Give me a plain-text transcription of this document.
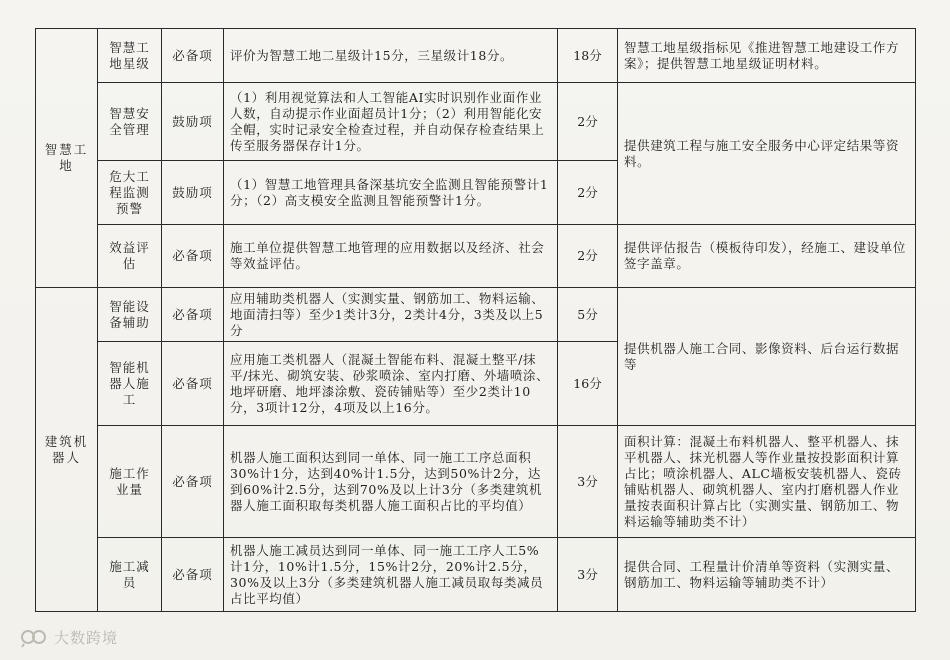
智慧工地	智慧工地星级	必备项	评价为智慧工地二星级计15分，三星级计18分。	18分	智慧工地星级指标见《推进智慧工地建设工作方案》；提供智慧工地星级证明材料。
	智慧安全管理	鼓励项	（1）利用视觉算法和人工智能AI实时识别作业面作业人数，自动提示作业面超员计1分；（2）利用智能化安全帽，实时记录安全检查过程，并自动保存检查结果上传至服务器保存计1分。	2分	提供建筑工程与施工安全服务中心评定结果等资料。
	危大工程监测预警	鼓励项	（1）智慧工地管理具备深基坑安全监测且智能预警计1分；（2）高支模安全监测且智能预警计1分。	2分	
	效益评估	必备项	施工单位提供智慧工地管理的应用数据以及经济、社会等效益评估。	2分	提供评估报告（模板待印发），经施工、建设单位签字盖章。
建筑机器人	智能设备辅助	必备项	应用辅助类机器人（实测实量、钢筋加工、物料运输、地面清扫等）至少1类计3分，2类计4分，3类及以上5分	5分	提供机器人施工合同、影像资料、后台运行数据等
	智能机器人施工	必备项	应用施工类机器人（混凝土智能布料、混凝土整平/抹平/抹光、砌筑安装、砂浆喷涂、室内打磨、外墙喷涂、地坪研磨、地坪漆涂敷、瓷砖铺贴等）至少2类计10分，3项计12分，4项及以上16分。	16分	
	施工作业量	必备项	机器人施工面积达到同一单体、同一施工工序总面积30%计1分，达到40%计1.5分，达到50%计2分，达到60%计2.5分，达到70%及以上计3分（多类建筑机器人施工面积取每类机器人施工面积占比的平均值）	3分	面积计算：混凝土布料机器人、整平机器人、抹平机器人、抹光机器人等作业量按投影面积计算占比；喷涂机器人、ALC墙板安装机器人、瓷砖铺贴机器人、砌筑机器人、室内打磨机器人作业量按表面积计算占比（实测实量、钢筋加工、物料运输等辅助类不计）
	施工减员	必备项	机器人施工减员达到同一单体、同一施工工序人工5%计1分，10%计1.5分，15%计2分，20%计2.5分，30%及以上3分（多类建筑机器人施工减员取每类减员占比平均值）	3分	提供合同、工程量计价清单等资料（实测实量、钢筋加工、物料运输等辅助类不计）
大数跨境
